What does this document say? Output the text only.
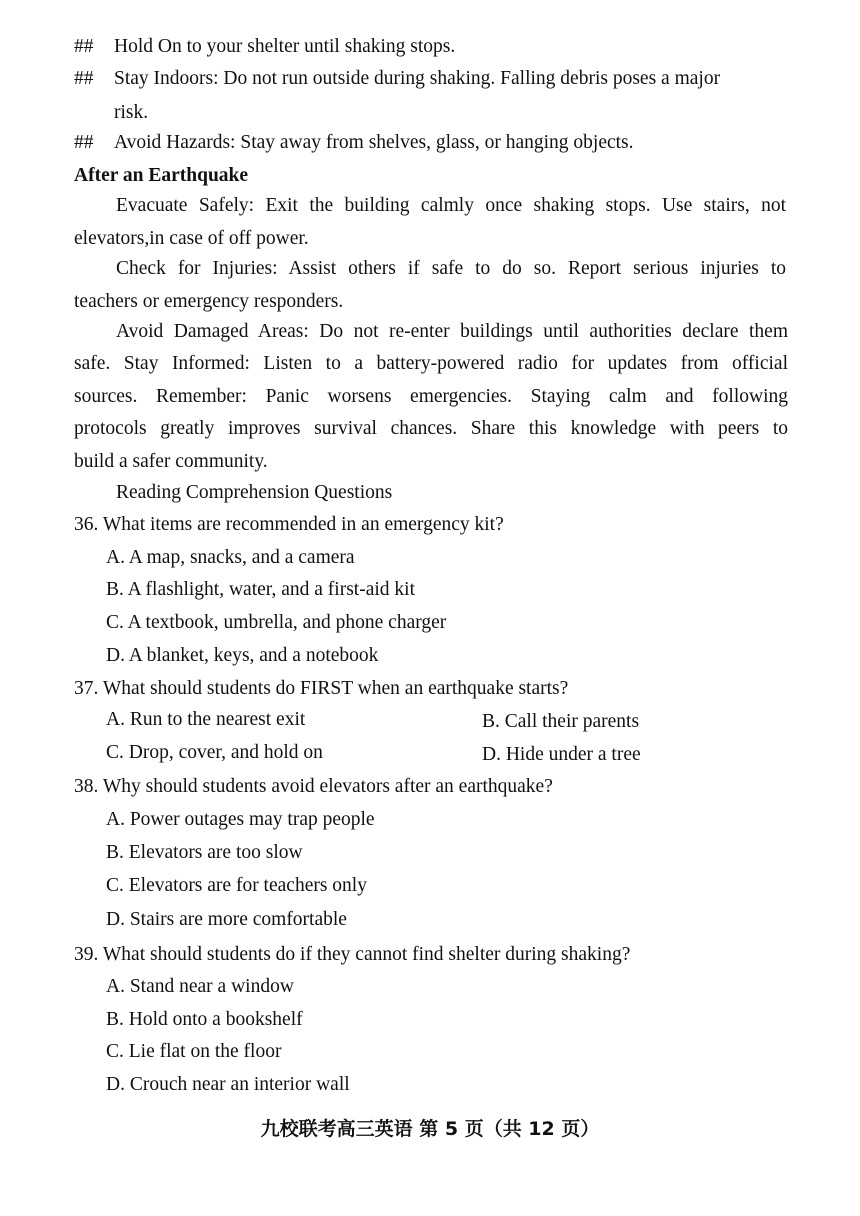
## Hold On to your shelter until shaking stops.
## Stay Indoors: Do not run outside during shaking. Falling debris poses a major
risk.
## Avoid Hazards: Stay away from shelves, glass, or hanging objects.
After an Earthquake
Evacuate Safely: Exit the building calmly once shaking stops. Use stairs, not
elevators,in case of off power.
Check for Injuries: Assist others if safe to do so. Report serious injuries to
teachers or emergency responders.
Avoid Damaged Areas: Do not re-enter buildings until authorities declare them
safe. Stay Informed: Listen to a battery-powered radio for updates from official
sources. Remember: Panic worsens emergencies. Staying calm and following
protocols greatly improves survival chances. Share this knowledge with peers to
build a safer community.
Reading Comprehension Questions
36. What items are recommended in an emergency kit?
A. A map, snacks, and a camera
B. A flashlight, water, and a first-aid kit
C. A textbook, umbrella, and phone charger
D. A blanket, keys, and a notebook
37. What should students do FIRST when an earthquake starts?
A. Run to the nearest exit	B. Call their parents
C. Drop, cover, and hold on	D. Hide under a tree
38. Why should students avoid elevators after an earthquake?
A. Power outages may trap people
B. Elevators are too slow
C. Elevators are for teachers only
D. Stairs are more comfortable
39. What should students do if they cannot find shelter during shaking?
A. Stand near a window
B. Hold onto a bookshelf
C. Lie flat on the floor
D. Crouch near an interior wall
九校联考高三英语 第 5 页（共 12 页）
